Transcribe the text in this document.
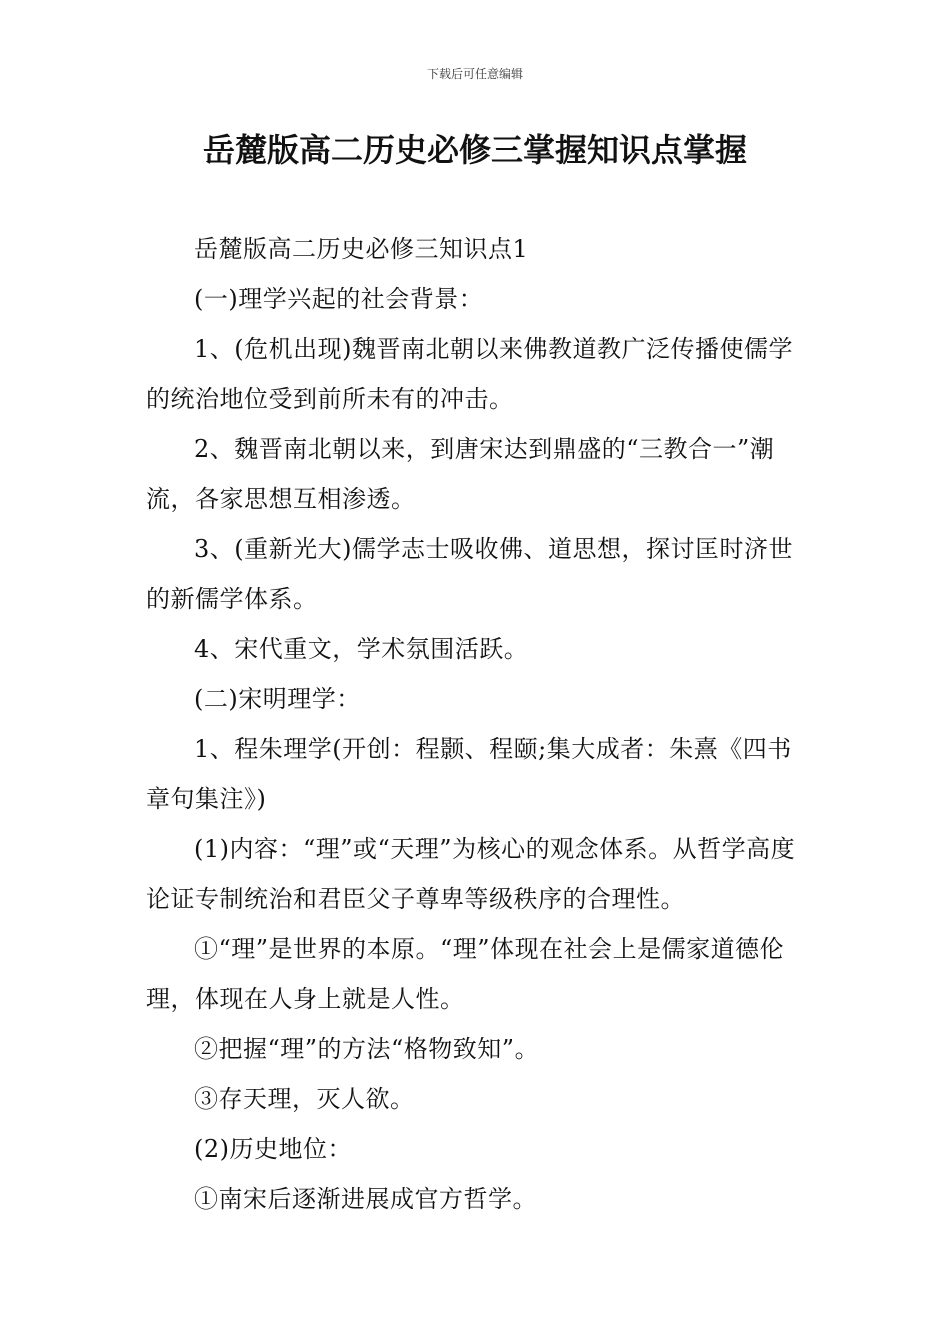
下载后可任意编辑
岳麓版高二历史必修三掌握知识点掌握

岳麓版高二历史必修三知识点1

(一)理学兴起的社会背景：

1、(危机出现)魏晋南北朝以来佛教道教广泛传播使儒学的统治地位受到前所未有的冲击。

2、魏晋南北朝以来，到唐宋达到鼎盛的“三教合一”潮流，各家思想互相渗透。

3、(重新光大)儒学志士吸收佛、道思想，探讨匡时济世的新儒学体系。

4、宋代重文，学术氛围活跃。

(二)宋明理学：

1、程朱理学(开创：程颢、程颐;集大成者：朱熹《四书章句集注》)

(1)内容：“理”或“天理”为核心的观念体系。从哲学高度论证专制统治和君臣父子尊卑等级秩序的合理性。

①“理”是世界的本原。“理”体现在社会上是儒家道德伦理，体现在人身上就是人性。

②把握“理”的方法“格物致知”。

③存天理，灭人欲。

(2)历史地位：

①南宋后逐渐进展成官方哲学。
